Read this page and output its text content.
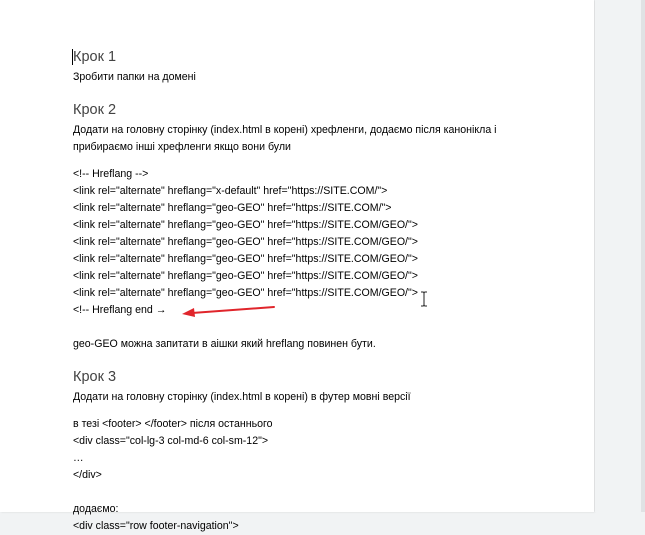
Крок 1

Зробити папки на домені

Крок 2

Додати на головну сторінку (index.html в корені) хрефленги, додаємо після канонікла і прибираємо інші хрефленги якщо вони були

<!-- Hreflang -->

<link rel="alternate" hreflang="x-default" href="https://SITE.COM/">

<link rel="alternate" hreflang="geo-GEO" href="https://SITE.COM/">

<link rel="alternate" hreflang="geo-GEO" href="https://SITE.COM/GEO/">

<link rel="alternate" hreflang="geo-GEO" href="https://SITE.COM/GEO/">

<link rel="alternate" hreflang="geo-GEO" href="https://SITE.COM/GEO/">

<link rel="alternate" hreflang="geo-GEO" href="https://SITE.COM/GEO/">

<link rel="alternate" hreflang="geo-GEO" href="https://SITE.COM/GEO/">

<!-- Hreflang end →

geo-GEO можна запитати в аішки який hreflang повинен бути.

Крок 3

Додати на головну сторінку (index.html в корені) в футер мовні версії

в тезі <footer> </footer> після останнього

<div class="col-lg-3 col-md-6 col-sm-12">

…

</div>

додаємо:

<div class="row footer-navigation">
